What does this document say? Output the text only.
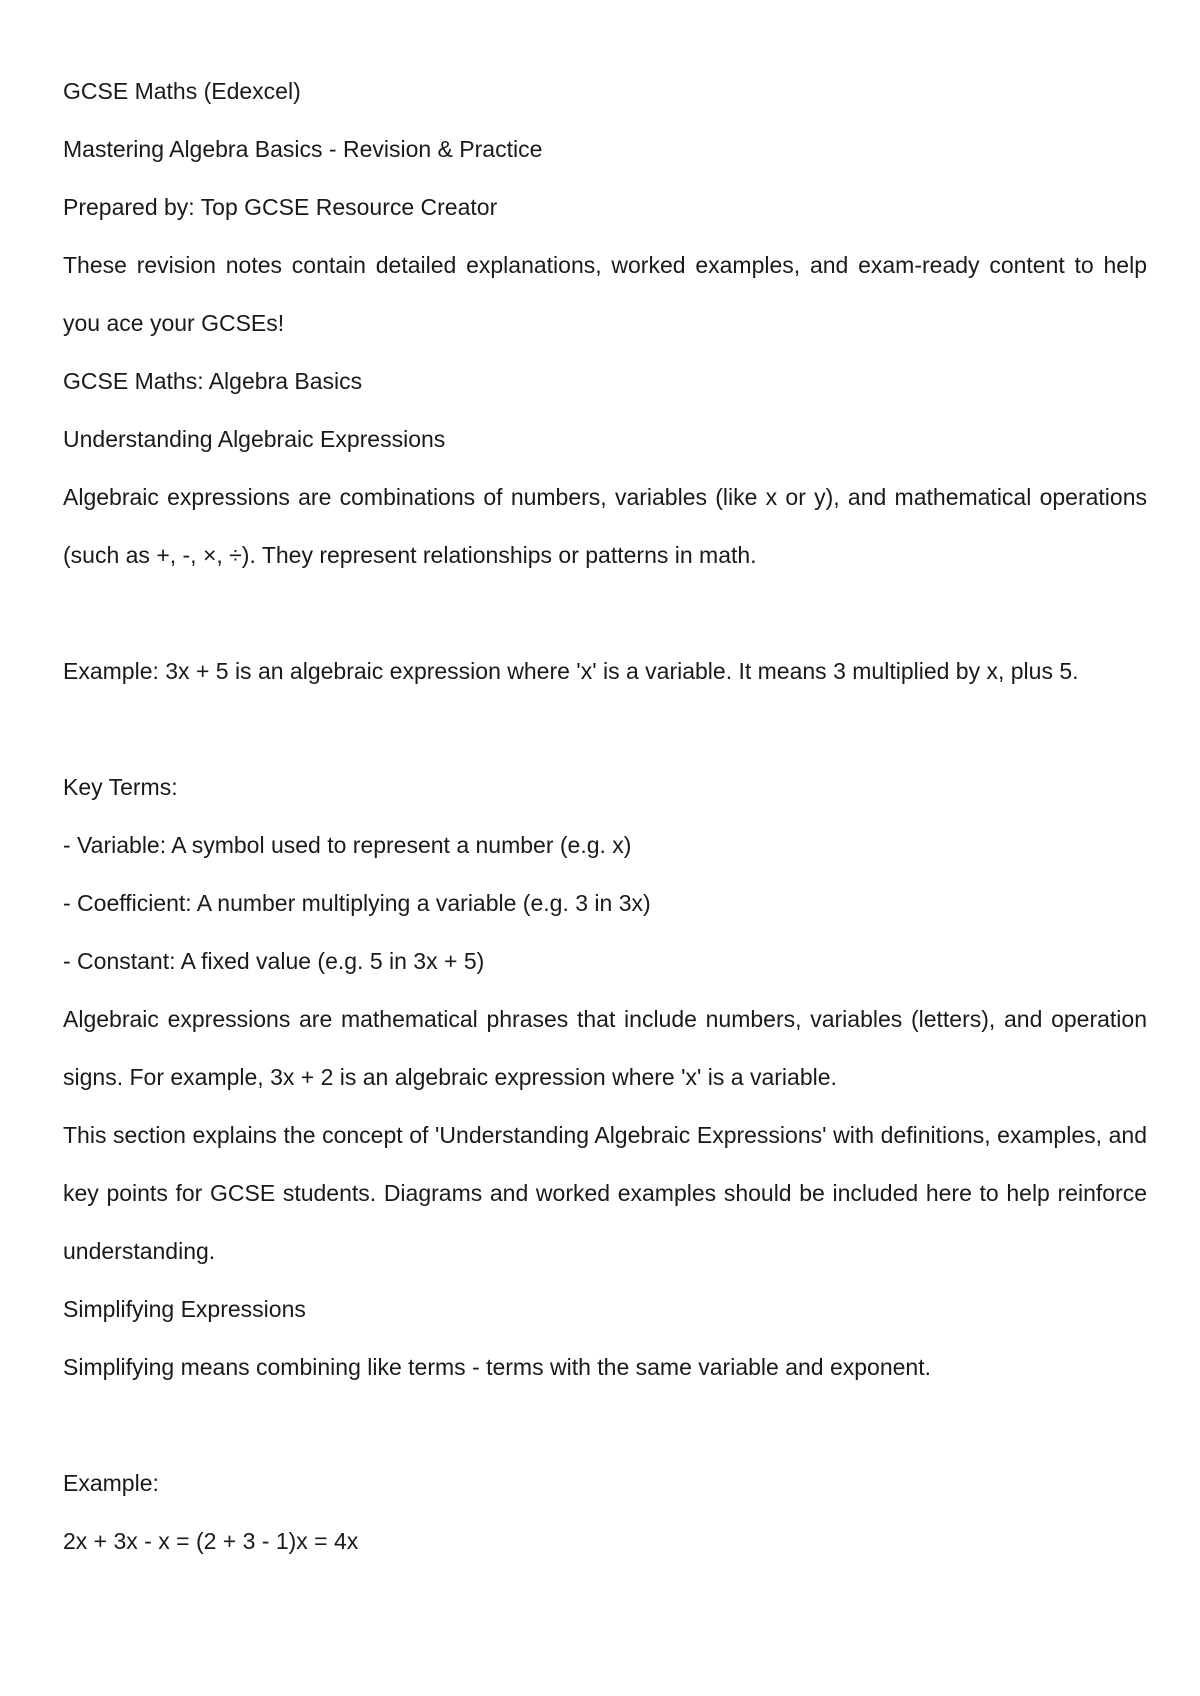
GCSE Maths (Edexcel)
Mastering Algebra Basics - Revision & Practice
Prepared by: Top GCSE Resource Creator
These revision notes contain detailed explanations, worked examples, and exam-ready content to help you ace your GCSEs!
GCSE Maths: Algebra Basics
Understanding Algebraic Expressions
Algebraic expressions are combinations of numbers, variables (like x or y), and mathematical operations (such as +, -, ×, ÷). They represent relationships or patterns in math.
Example: 3x + 5 is an algebraic expression where 'x' is a variable. It means 3 multiplied by x, plus 5.
Key Terms:
- Variable: A symbol used to represent a number (e.g. x)
- Coefficient: A number multiplying a variable (e.g. 3 in 3x)
- Constant: A fixed value (e.g. 5 in 3x + 5)
Algebraic expressions are mathematical phrases that include numbers, variables (letters), and operation signs. For example, 3x + 2 is an algebraic expression where 'x' is a variable.
This section explains the concept of 'Understanding Algebraic Expressions' with definitions, examples, and key points for GCSE students. Diagrams and worked examples should be included here to help reinforce understanding.
Simplifying Expressions
Simplifying means combining like terms - terms with the same variable and exponent.
Example:
2x + 3x - x = (2 + 3 - 1)x = 4x
